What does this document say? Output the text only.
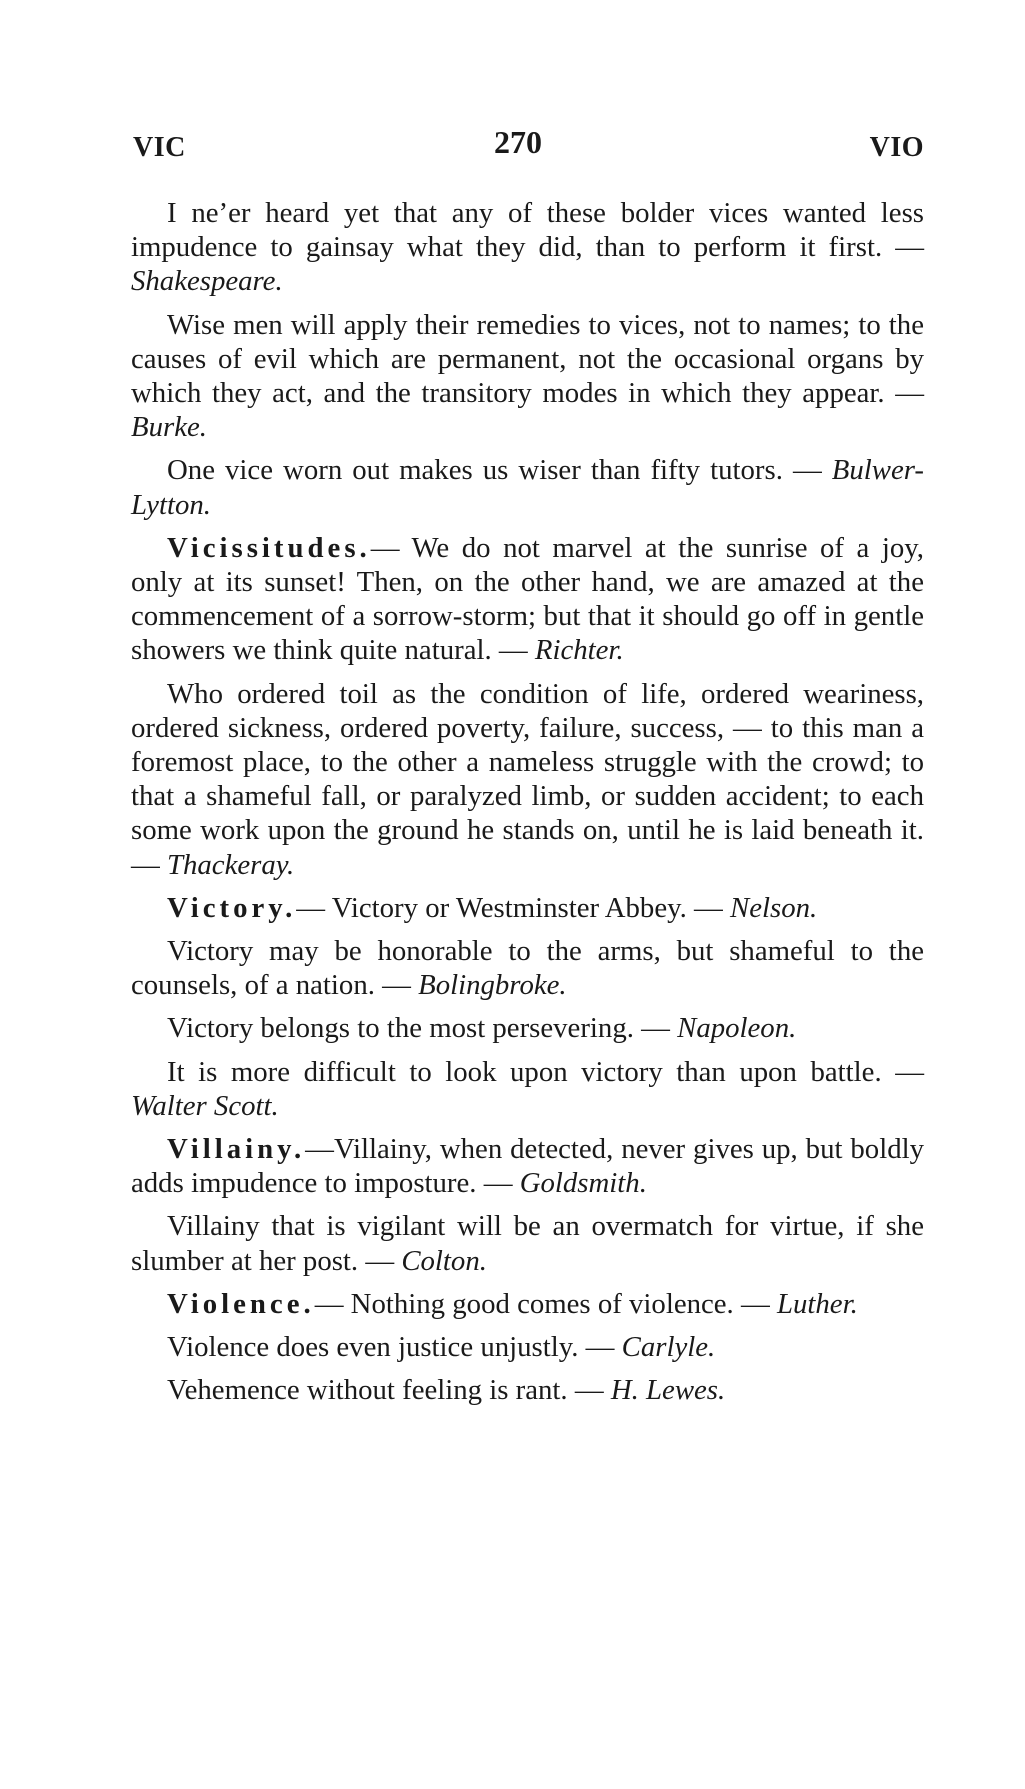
VIC	270	VIO

I ne’er heard yet that any of these bolder vices wanted less impudence to gainsay what they did, than to perform it first. — Shakespeare.

Wise men will apply their remedies to vices, not to names; to the causes of evil which are permanent, not the occasional organs by which they act, and the transitory modes in which they appear. —Burke.

One vice worn out makes us wiser than fifty tutors. — Bulwer-Lytton.

Vicissitudes.— We do not marvel at the sunrise of a joy, only at its sunset! Then, on the other hand, we are amazed at the commencement of a sorrow-storm; but that it should go off in gentle showers we think quite natural. — Richter.

Who ordered toil as the condition of life, ordered weariness, ordered sickness, ordered poverty, failure, success, — to this man a foremost place, to the other a nameless struggle with the crowd; to that a shameful fall, or paralyzed limb, or sudden accident; to each some work upon the ground he stands on, until he is laid beneath it. — Thackeray.

Victory.— Victory or Westminster Abbey. — Nelson.

Victory may be honorable to the arms, but shameful to the counsels, of a nation. — Bolingbroke.

Victory belongs to the most persevering. — Napoleon.

It is more difficult to look upon victory than upon battle. — Walter Scott.

Villainy.—Villainy, when detected, never gives up, but boldly adds impudence to imposture. — Goldsmith.

Villainy that is vigilant will be an overmatch for virtue, if she slumber at her post. — Colton.

Violence.— Nothing good comes of violence. — Luther.

Violence does even justice unjustly. — Carlyle.

Vehemence without feeling is rant. — H. Lewes.
